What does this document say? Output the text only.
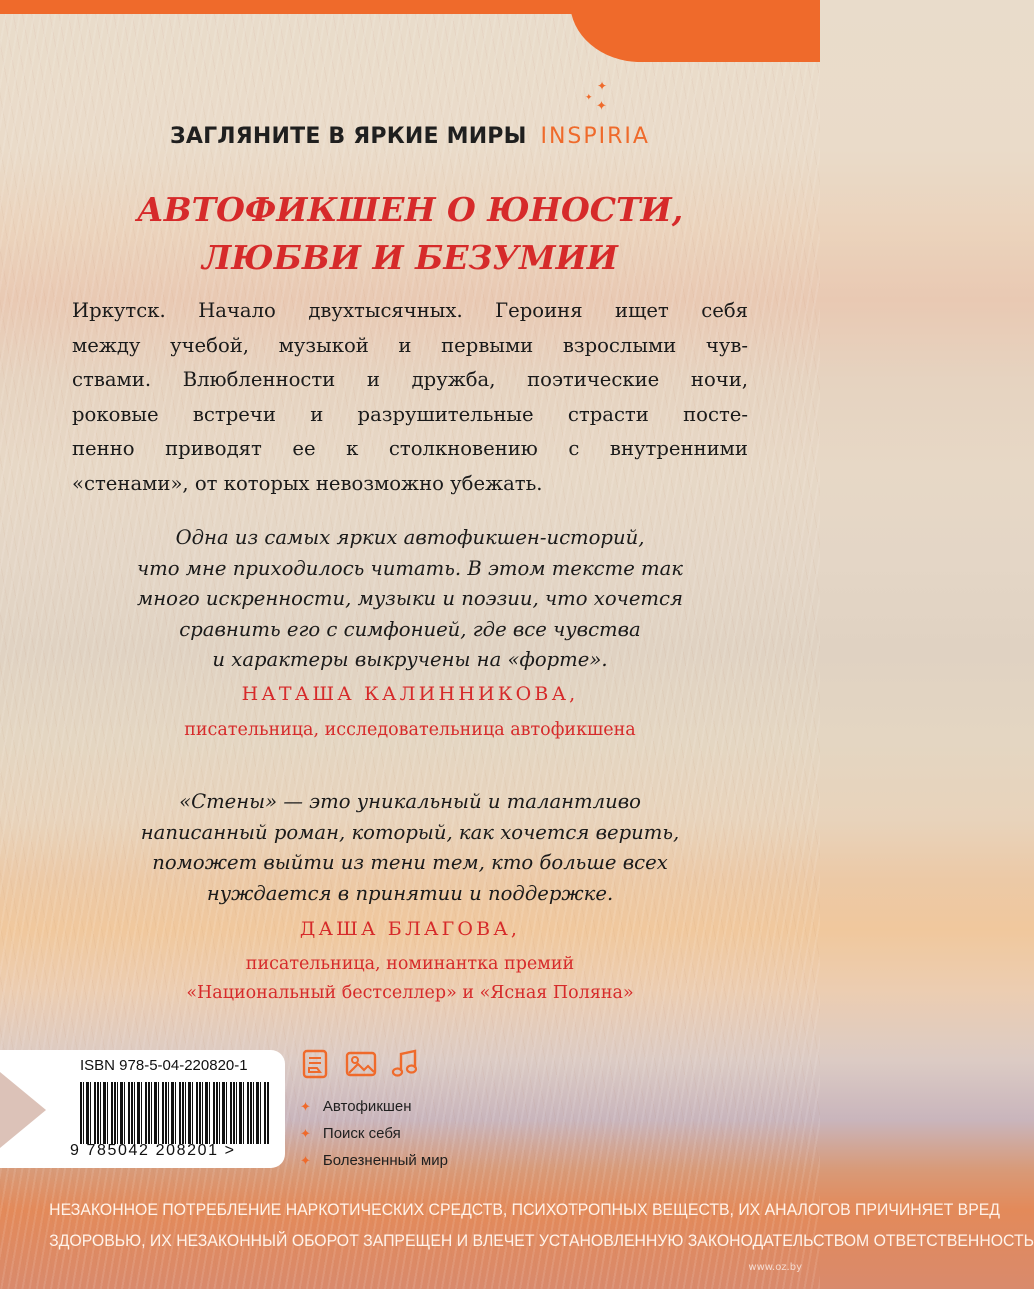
✦
✦
✦
ЗАГЛЯНИТЕ В ЯРКИЕ МИРЫ INSPIRIA
АВТОФИКШЕН О ЮНОСТИ,
ЛЮБВИ И БЕЗУМИИ
Иркутск. Начало двухтысячных. Героиня ищет себя
между учебой, музыкой и первыми взрослыми чув-
ствами. Влюбленности и дружба, поэтические ночи,
роковые встречи и разрушительные страсти посте-
пенно приводят ее к столкновению с внутренними
«стенами», от которых невозможно убежать.
Одна из самых ярких автофикшен-историй,
что мне приходилось читать. В этом тексте так
много искренности, музыки и поэзии, что хочется
сравнить его с симфонией, где все чувства
и характеры выкручены на «форте».
НАТАША КАЛИННИКОВА,
писательница, исследовательница автофикшена
«Стены» — это уникальный и талантливо
написанный роман, который, как хочется верить,
поможет выйти из тени тем, кто больше всех
нуждается в принятии и поддержке.
ДАША БЛАГОВА,
писательница, номинантка премий
«Национальный бестселлер» и «Ясная Поляна»
ISBN 978-5-04-220820-1
9 785042 208201 >
✦ Автофикшен
✦ Поиск себя
✦ Болезненный мир
НЕЗАКОННОЕ ПОТРЕБЛЕНИЕ НАРКОТИЧЕСКИХ СРЕДСТВ, ПСИХОТРОПНЫХ ВЕЩЕСТВ, ИХ АНАЛОГОВ ПРИЧИНЯЕТ ВРЕД
ЗДОРОВЬЮ, ИХ НЕЗАКОННЫЙ ОБОРОТ ЗАПРЕЩЕН И ВЛЕЧЕТ УСТАНОВЛЕННУЮ ЗАКОНОДАТЕЛЬСТВОМ ОТВЕТСТВЕННОСТЬ
www.oz.by
